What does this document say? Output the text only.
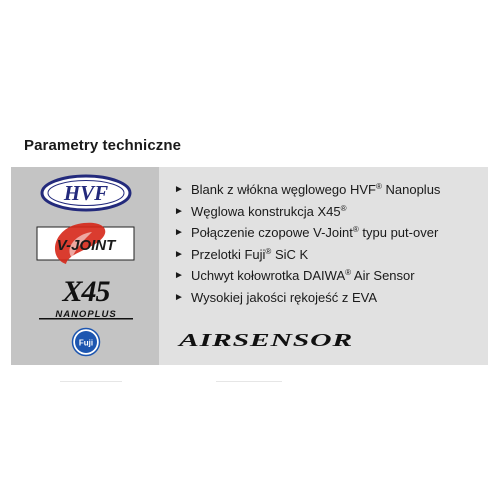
Parametry techniczne
HVF
V-JOINT
X45
NANOPLUS
Fuji
► Blank z włókna węglowego HVF® Nanoplus
► Węglowa konstrukcja X45®
► Połączenie czopowe V-Joint® typu put-over
► Przelotki Fuji® SiC K
► Uchwyt kołowrotka DAIWA® Air Sensor
► Wysokiej jakości rękojeść z EVA
AIRSENSOR
